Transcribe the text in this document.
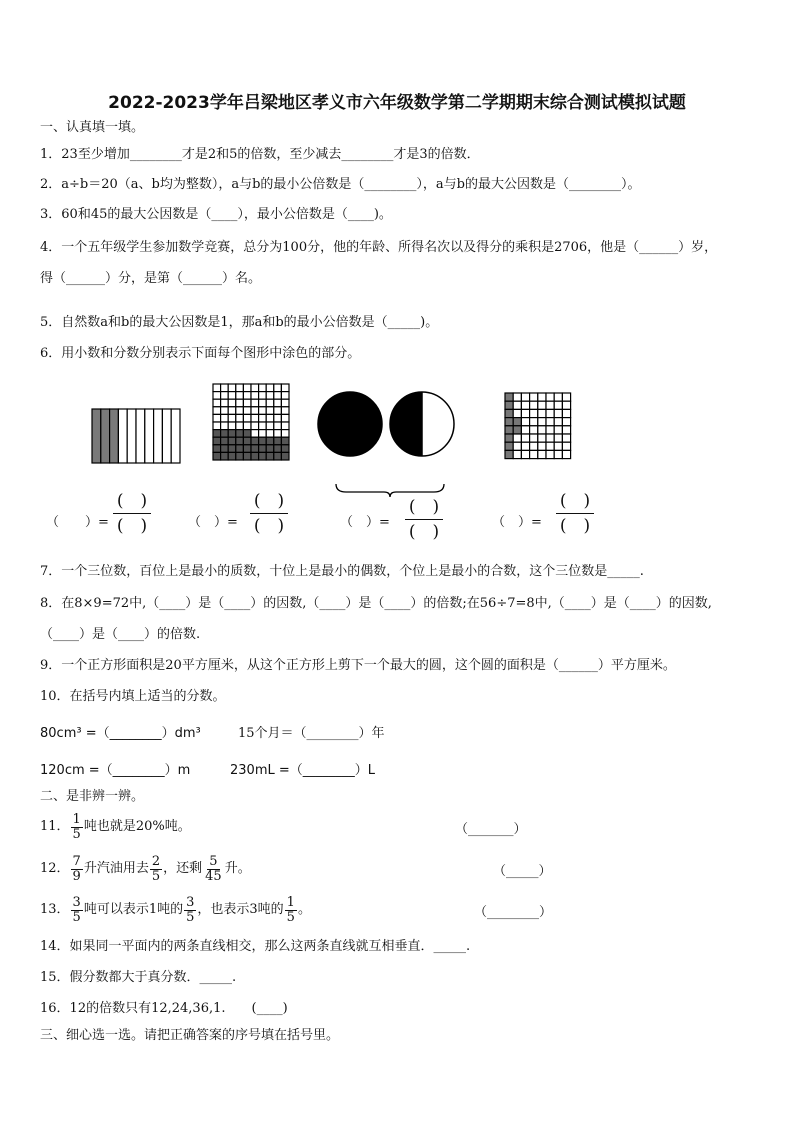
2022-2023学年吕梁地区孝义市六年级数学第二学期期末综合测试模拟试题
一、认真填一填。
1．23至少增加________才是2和5的倍数，至少减去________才是3的倍数．
2．a÷b＝20（a、b均为整数），a与b的最小公倍数是（________），a与b的最大公因数是（________）。
3．60和45的最大公因数是（____），最小公倍数是（____)。
4．一个五年级学生参加数学竞赛，总分为100分，他的年龄、所得名次以及得分的乘积是2706，他是（______）岁，
得（______）分，是第（______）名。
5．自然数a和b的最大公因数是1，那a和b的最小公倍数是（_____)。
6．用小数和分数分别表示下面每个图形中涂色的部分。
（　　）=
(　)
(　)	（　）=
(　)
(　)	（　）=
(　)
(　)	（　）=
(　)
(　)
7．一个三位数，百位上是最小的质数，十位上是最小的偶数，个位上是最小的合数，这个三位数是_____.
8．在8×9=72中,（____）是（____）的因数,（____）是（____）的倍数;在56÷7=8中,（____）是（____）的因数,
（____）是（____）的倍数.
9．一个正方形面积是20平方厘米，从这个正方形上剪下一个最大的圆，这个圆的面积是（______）平方厘米。
10．在括号内填上适当的分数。
80cm³ =（________）dm³	15个月＝（________）年
120cm =（________）m	230mL =（________）L
二、是非辨一辨。
11． $\frac{1}{5}$ 吨也就是20%吨。	（_______）
12． $\frac{7}{9}$ 升汽油用去 $\frac{2}{5}$ ，还剩 $\frac{5}{45}$ 升。	（_____）
13． $\frac{3}{5}$ 吨可以表示1吨的 $\frac{3}{5}$ ，也表示3吨的 $\frac{1}{5}$ 。	（________）
14．如果同一平面内的两条直线相交，那么这两条直线就互相垂直．_____.
15．假分数都大于真分数．_____.
16．12的倍数只有12,24,36,1.　　(____)
三、细心选一选。请把正确答案的序号填在括号里。
